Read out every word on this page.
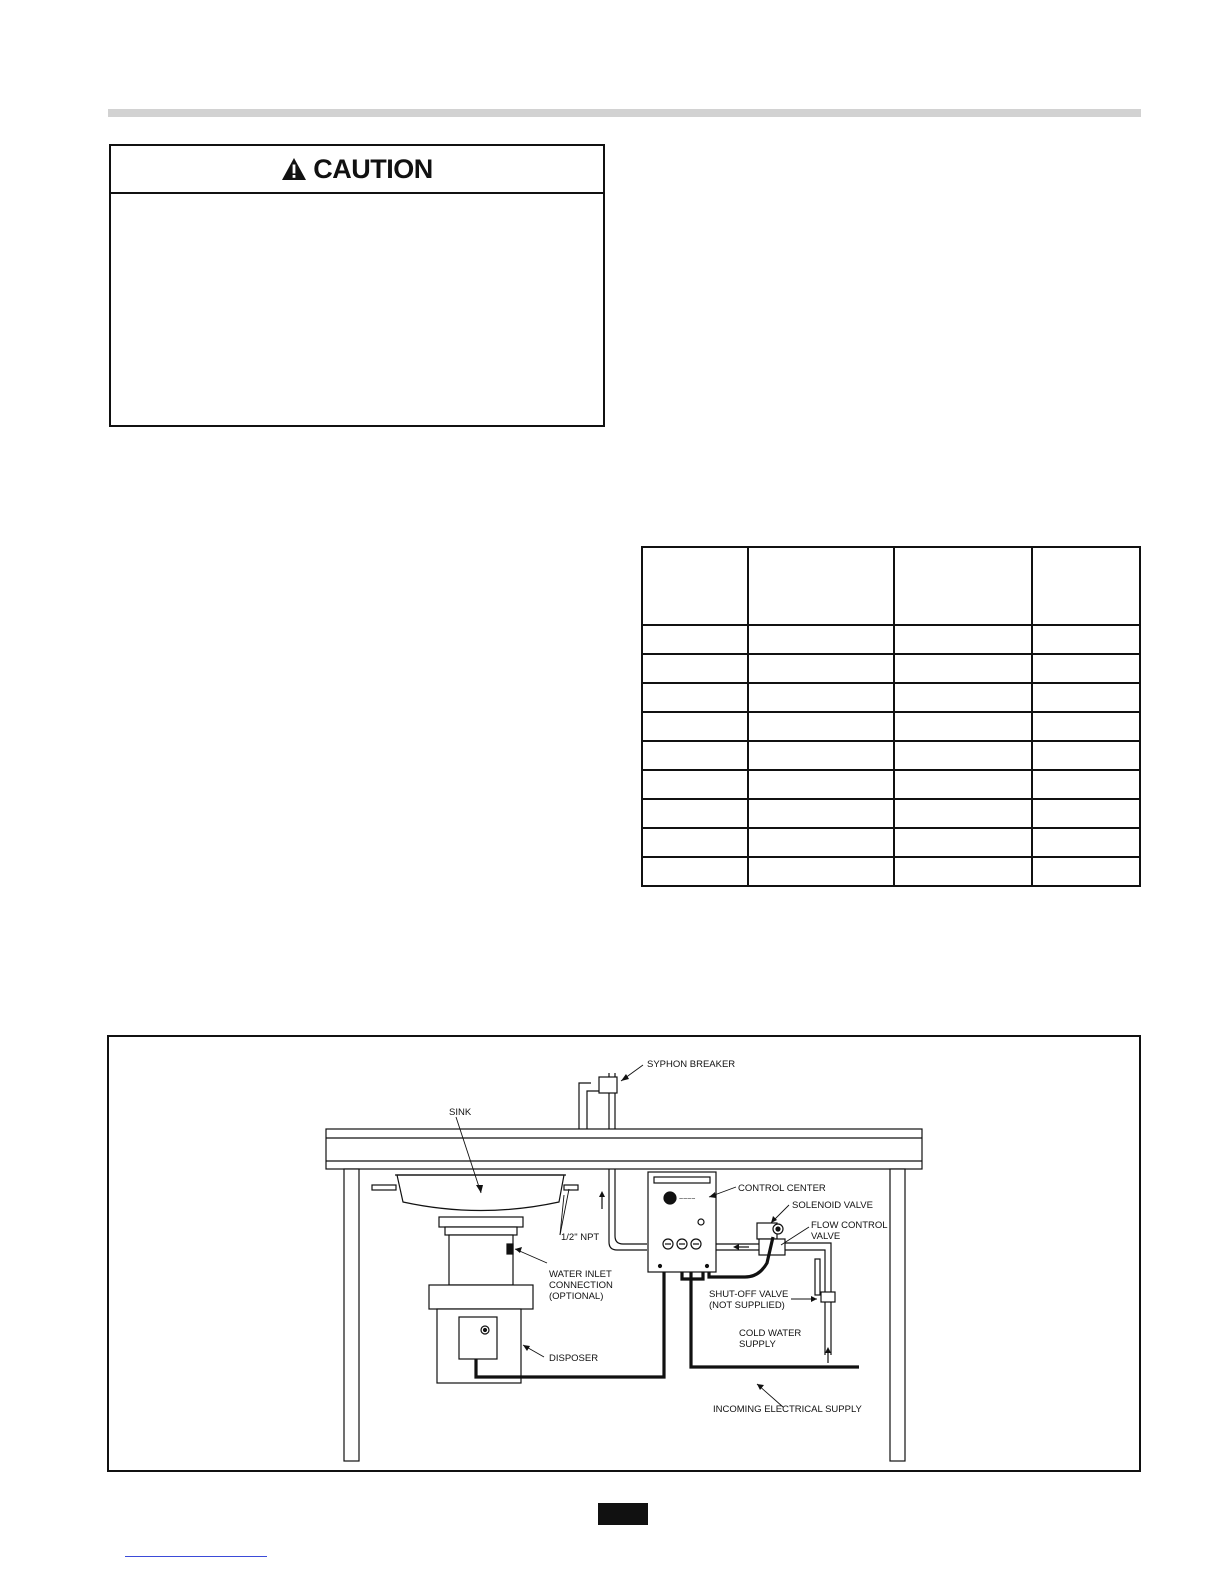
CAUTION

~~~~
SYPHON BREAKER
SINK
CONTROL CENTER
SOLENOID VALVE
FLOW CONTROL
VALVE
1/2" NPT
WATER INLET
CONNECTION
(OPTIONAL)	SHUT-OFF VALVE
(NOT SUPPLIED)
COLD WATER
SUPPLY
DISPOSER
INCOMING ELECTRICAL SUPPLY
